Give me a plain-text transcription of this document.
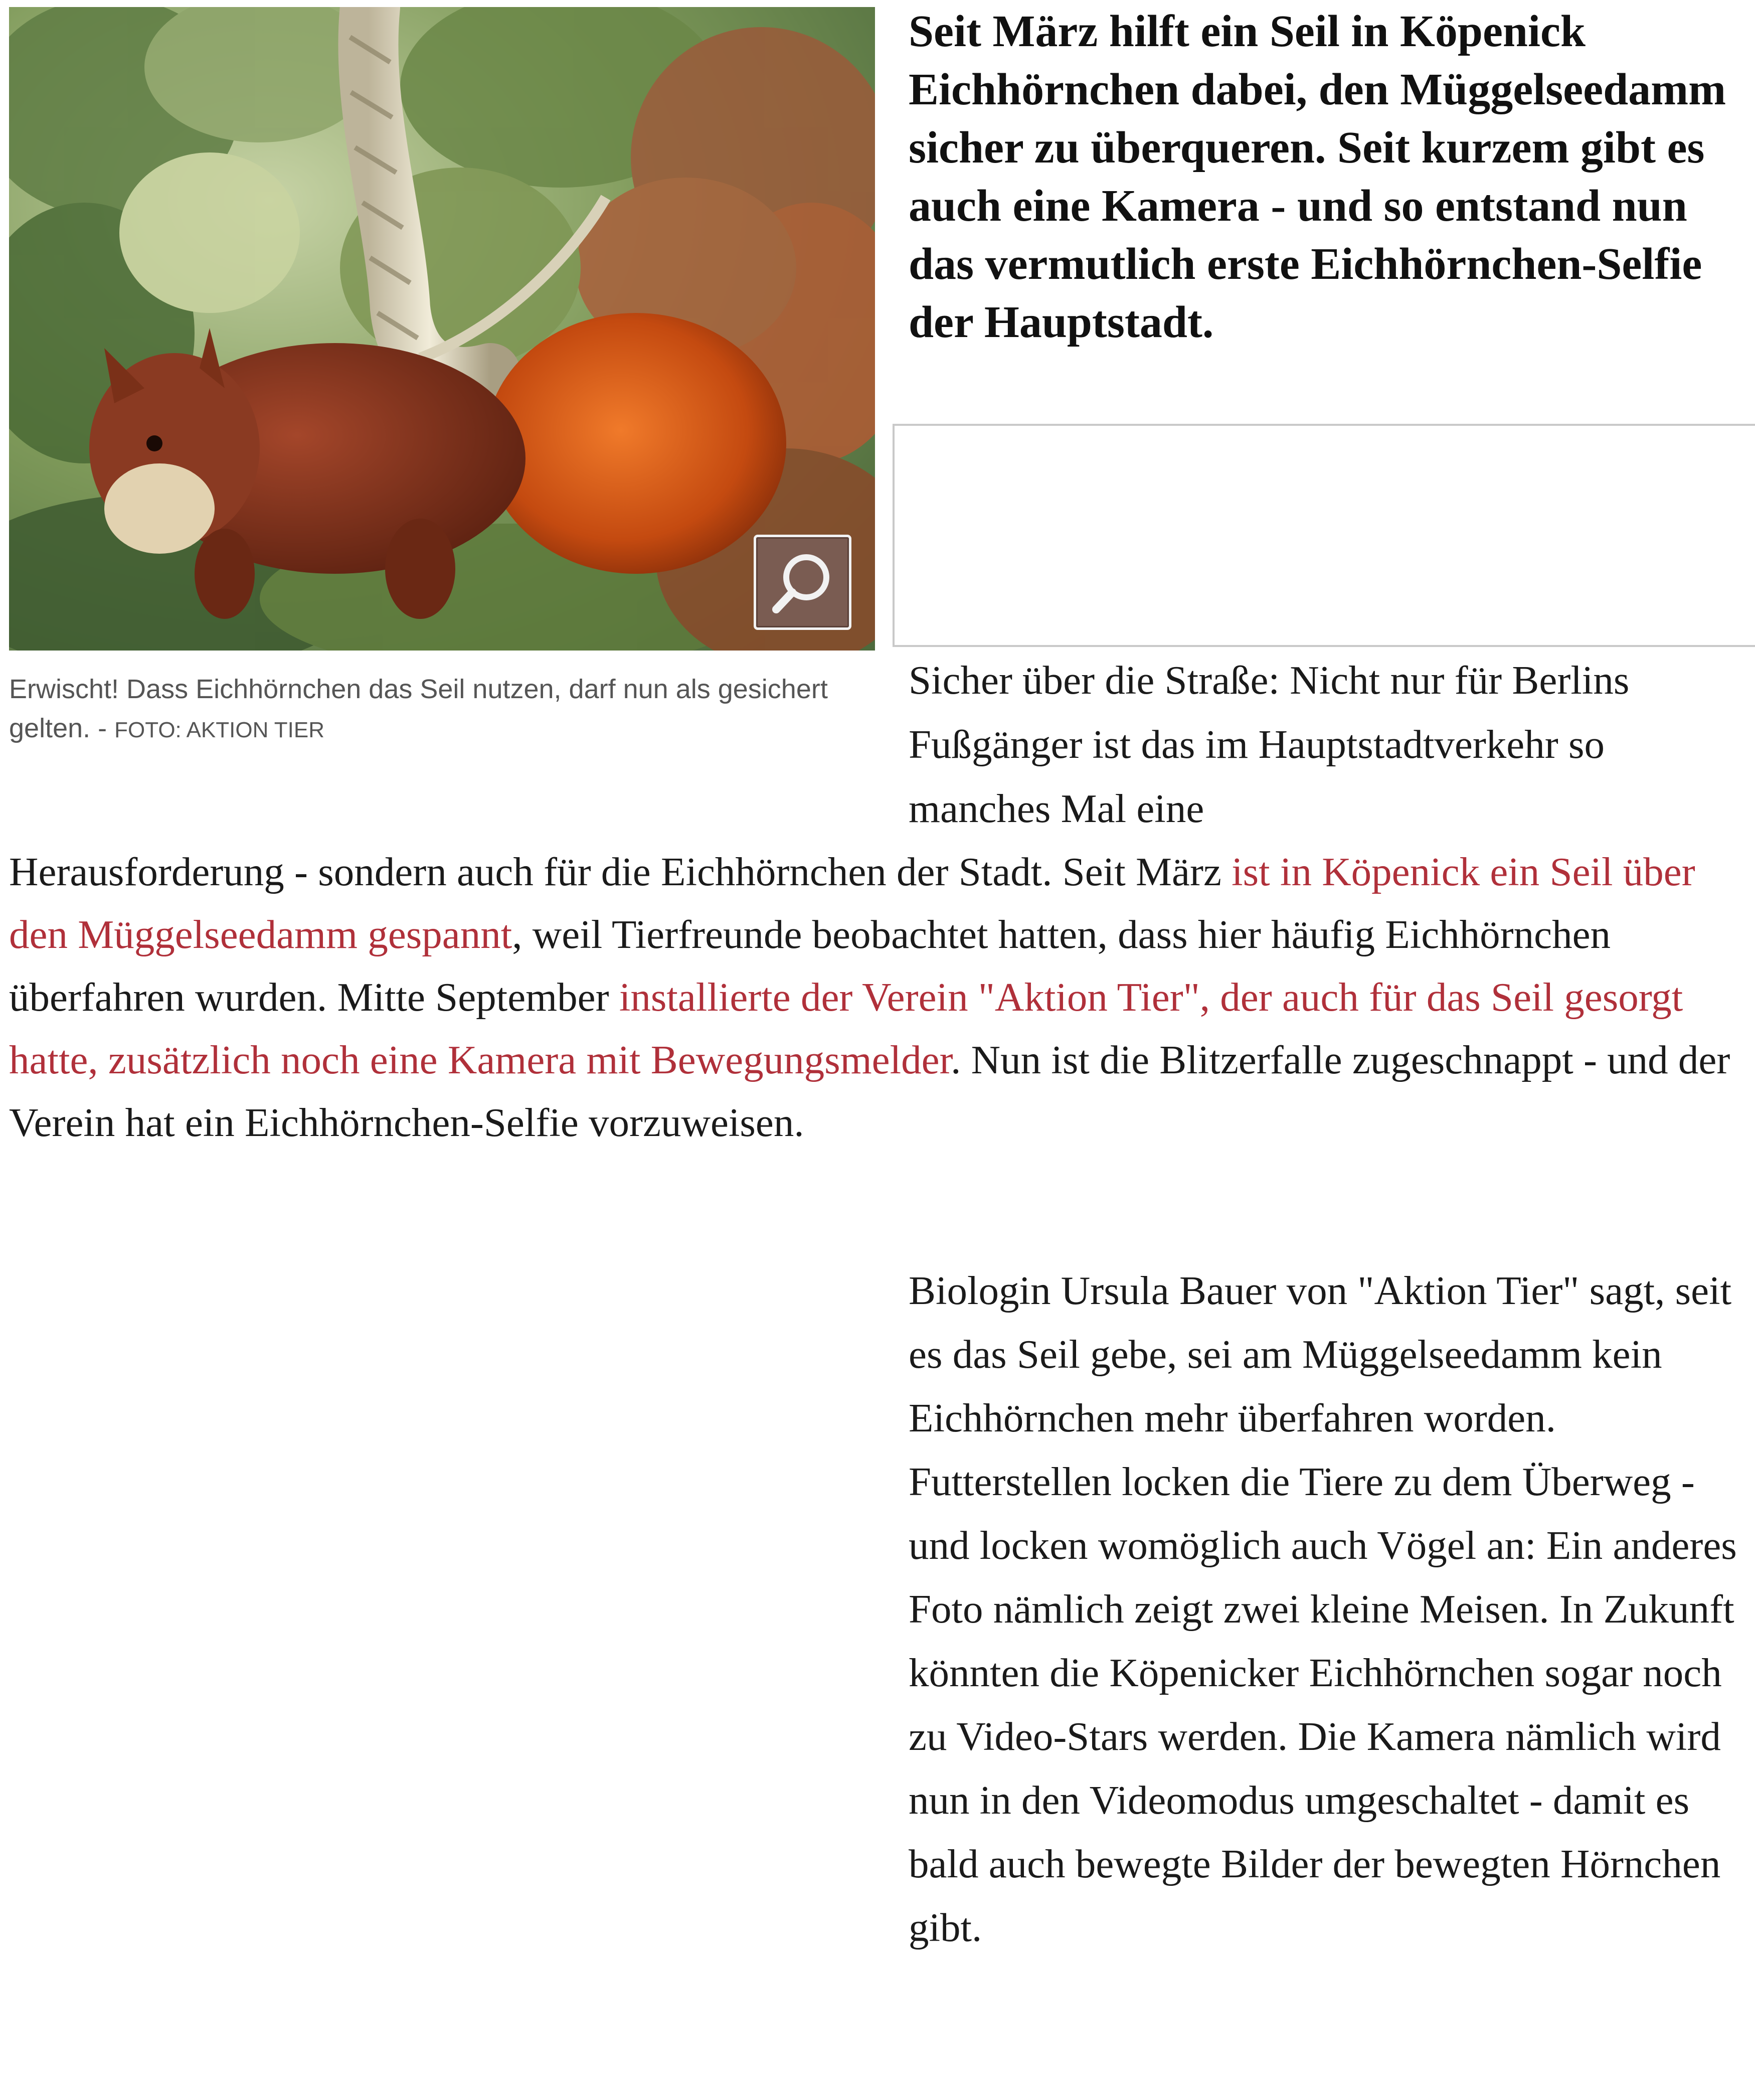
Erwischt! Dass Eichhörnchen das Seil nutzen, darf nun als gesichert gelten. - FOTO: AKTION TIER
Seit März hilft ein Seil in Köpenick Eichhörnchen dabei, den Müggelseedamm sicher zu überqueren. Seit kurzem gibt es auch eine Kamera - und so entstand nun das vermutlich erste Eichhörnchen-Selfie der Hauptstadt.
Sicher über die Straße: Nicht nur für Berlins Fußgänger ist das im Hauptstadtverkehr so manches Mal eine
Herausforderung - sondern auch für die Eichhörnchen der Stadt. Seit März ist in Köpenick ein Seil über den Müggelseedamm gespannt, weil Tierfreunde beobachtet hatten, dass hier häufig Eichhörnchen überfahren wurden. Mitte September installierte der Verein "Aktion Tier", der auch für das Seil gesorgt hatte, zusätzlich noch eine Kamera mit Bewegungsmelder. Nun ist die Blitzerfalle zugeschnappt - und der Verein hat ein Eichhörnchen-Selfie vorzuweisen.
Biologin Ursula Bauer von "Aktion Tier" sagt, seit es das Seil gebe, sei am Müggelseedamm kein Eichhörnchen mehr überfahren worden. Futterstellen locken die Tiere zu dem Überweg - und locken womöglich auch Vögel an: Ein anderes Foto nämlich zeigt zwei kleine Meisen. In Zukunft könnten die Köpenicker Eichhörnchen sogar noch zu Video-Stars werden. Die Kamera nämlich wird nun in den Videomodus umgeschaltet - damit es bald auch bewegte Bilder der bewegten Hörnchen gibt.
